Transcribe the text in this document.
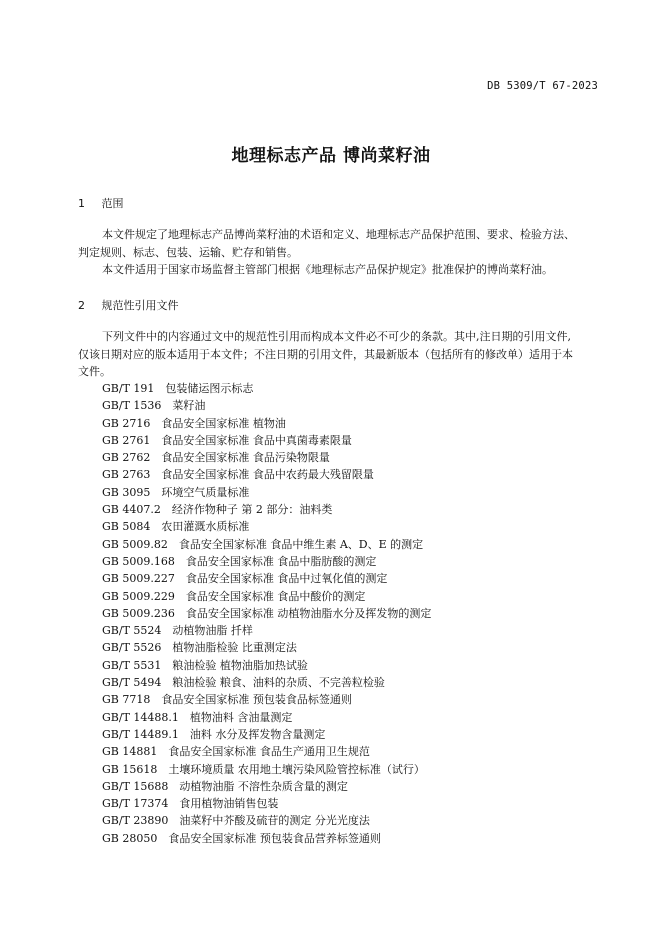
DB 5309/T 67-2023
地理标志产品 博尚菜籽油
1 范围
本文件规定了地理标志产品博尚菜籽油的术语和定义、地理标志产品保护范围、要求、检验方法、
判定规则、标志、包装、运输、贮存和销售。
本文件适用于国家市场监督主管部门根据《地理标志产品保护规定》批准保护的博尚菜籽油。
2 规范性引用文件
下列文件中的内容通过文中的规范性引用而构成本文件必不可少的条款。其中,注日期的引用文件,
仅该日期对应的版本适用于本文件；不注日期的引用文件，其最新版本（包括所有的修改单）适用于本
文件。
GB/T 191  包装储运图示标志
GB/T 1536  菜籽油
GB 2716  食品安全国家标准 植物油
GB 2761  食品安全国家标准 食品中真菌毒素限量
GB 2762  食品安全国家标准 食品污染物限量
GB 2763  食品安全国家标准 食品中农药最大残留限量
GB 3095  环境空气质量标准
GB 4407.2  经济作物种子 第 2 部分：油料类
GB 5084  农田灌溉水质标准
GB 5009.82  食品安全国家标准 食品中维生素 A、D、E 的测定
GB 5009.168  食品安全国家标准 食品中脂肪酸的测定
GB 5009.227  食品安全国家标准 食品中过氧化值的测定
GB 5009.229  食品安全国家标准 食品中酸价的测定
GB 5009.236  食品安全国家标准 动植物油脂水分及挥发物的测定
GB/T 5524  动植物油脂 扦样
GB/T 5526  植物油脂检验 比重测定法
GB/T 5531  粮油检验 植物油脂加热试验
GB/T 5494  粮油检验 粮食、油料的杂质、不完善粒检验
GB 7718  食品安全国家标准 预包装食品标签通则
GB/T 14488.1  植物油料 含油量测定
GB/T 14489.1  油料 水分及挥发物含量测定
GB 14881  食品安全国家标准 食品生产通用卫生规范
GB 15618  土壤环境质量 农用地土壤污染风险管控标准（试行）
GB/T 15688  动植物油脂 不溶性杂质含量的测定
GB/T 17374  食用植物油销售包装
GB/T 23890  油菜籽中芥酸及硫苷的测定 分光光度法
GB 28050  食品安全国家标准 预包装食品营养标签通则
